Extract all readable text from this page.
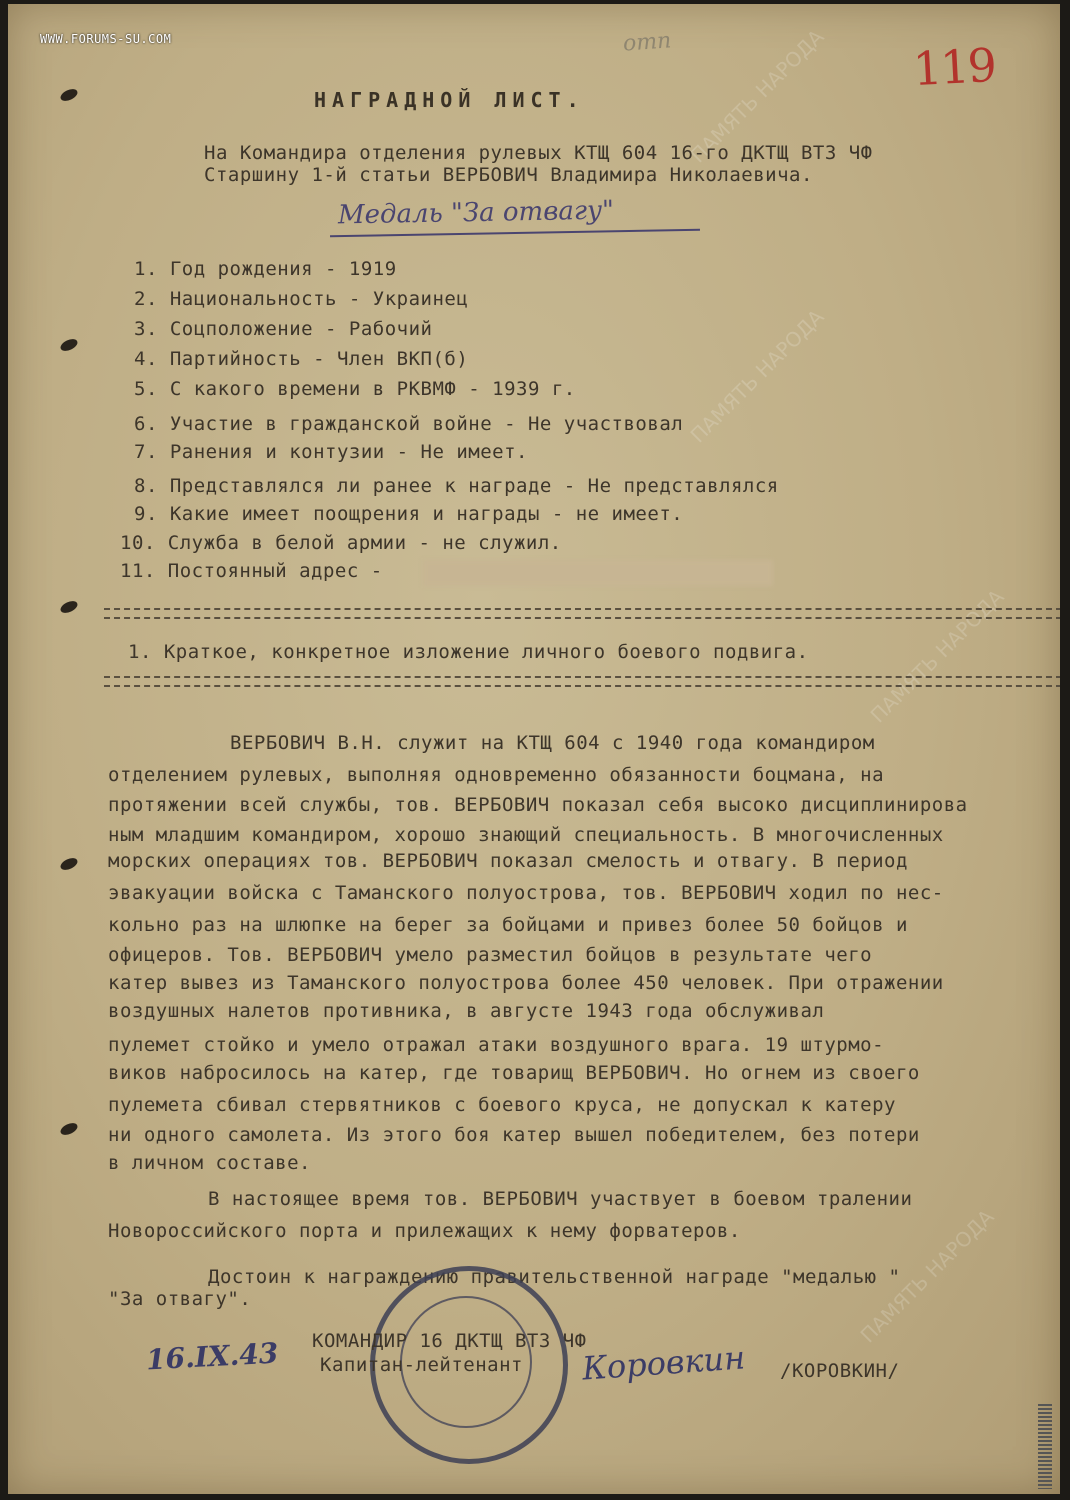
ПАМЯТЬ НАРОДА
ПАМЯТЬ НАРОДА
ПАМЯТЬ НАРОДА
ПАМЯТЬ НАРОДА
WWW.FORUMS-SU.COM	отп	119
НАГРАДНОЙ ЛИСТ.
На Командира отделения рулевых КТЩ 604 16-го ДКТЩ ВТЗ ЧФ
Старшину 1-й статьи ВЕРБОВИЧ Владимира Николаевича.
Медаль "За отвагу"
1. Год рождения - 1919
2. Национальность - Украинец
3. Соцположение - Рабочий
4. Партийность - Член ВКП(б)
5. С какого времени в РКВМФ - 1939 г.
6. Участие в гражданской войне - Не участвовал
7. Ранения и контузии - Не имеет.
8. Представлялся ли ранее к награде - Не представлялся
9. Какие имеет поощрения и награды - не имеет.
10. Служба в белой армии - не служил.
11. Постоянный адрес -
1. Краткое, конкретное изложение личного боевого подвига.
ВЕРБОВИЧ В.Н. служит на КТЩ 604 с 1940 года командиром
отделением рулевых, выполняя одновременно обязанности боцмана, на
протяжении всей службы, тов. ВЕРБОВИЧ показал себя высоко дисциплинирова
ным младшим командиром, хорошо знающий специальность. В многочисленных
морских операциях тов. ВЕРБОВИЧ показал смелость и отвагу. В период
эвакуации войска с Таманского полуострова, тов. ВЕРБОВИЧ ходил по нес-
кольно раз на шлюпке на берег за бойцами и привез более 50 бойцов и
офицеров. Тов. ВЕРБОВИЧ умело разместил бойцов в результате чего
катер вывез из Таманского полуострова более 450 человек. При отражении
воздушных налетов противника, в августе 1943 года обслуживал
пулемет стойко и умело отражал атаки воздушного врага. 19 штурмо-
виков набросилось на катер, где товарищ ВЕРБОВИЧ. Но огнем из своего
пулемета сбивал стервятников с боевого круса, не допускал к катеру
ни одного самолета. Из этого боя катер вышел победителем, без потери
в личном составе.
В настоящее время тов. ВЕРБОВИЧ участвует в боевом тралении
Новороссийского порта и прилежащих к нему форватеров.
Достоин к награждению правительственной награде "медалью "
"За отвагу".
КОМАНДИР 16 ДКТЩ ВТЗ ЧФ
Капитан-лейтенант	/КОРОВКИН/
16.IX.43	Коровкин
